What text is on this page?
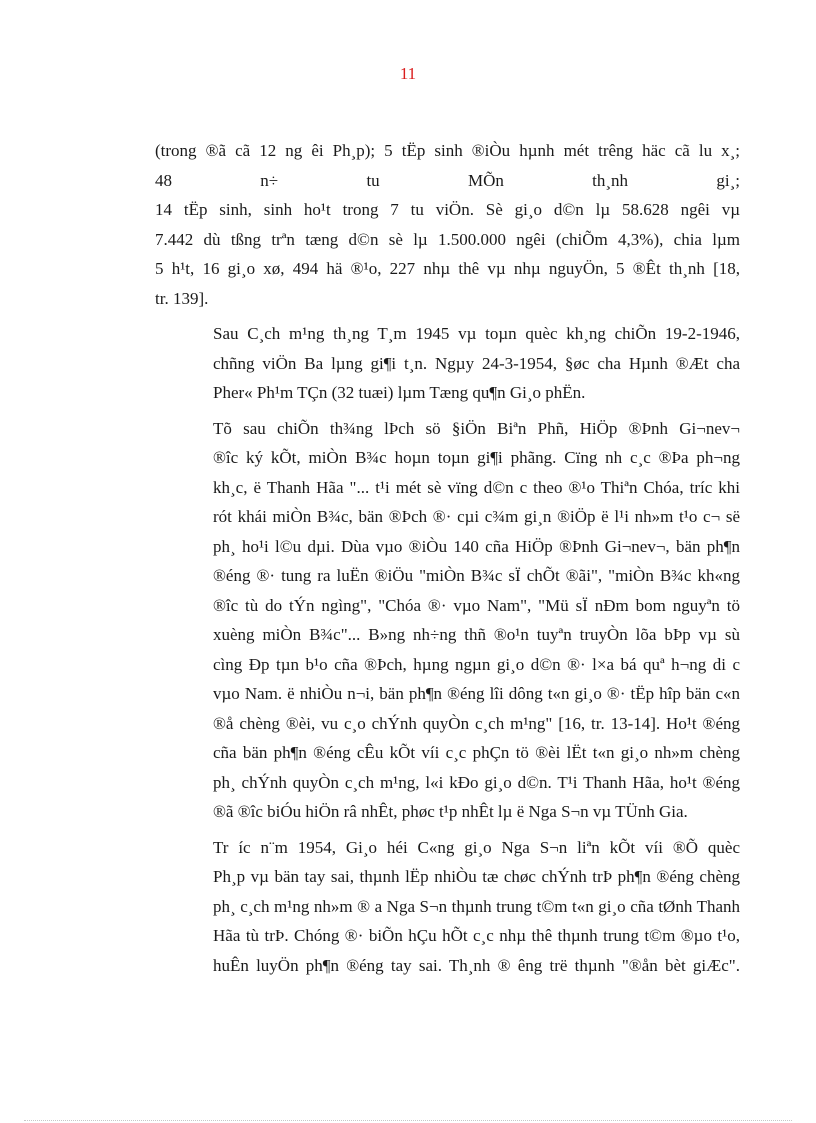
11

(trong ®ã cã 12 ng êi Ph¸p); 5 tËp sinh ®iÒu hµnh mét trêng häc cã lu x¸;
48	n÷	tu	MÕn	th¸nh	gi¸;
14 tËp sinh, sinh ho¹t trong 7 tu viÖn. Sè gi¸o d©n lµ 58.628 ngêi vµ
7.442 dù tßng trªn tæng d©n sè lµ 1.500.000 ngêi (chiÕm 4,3%), chia lµm
5 h¹t, 16 gi¸o xø, 494 hä ®¹o, 227 nhµ thê vµ nhµ nguyÖn, 5 ®Êt th¸nh [18,
tr. 139].

Sau C¸ch m¹ng th¸ng T¸m 1945 vµ toµn quèc kh¸ng chiÕn 19-2-1946,
chñng viÖn Ba lµng gi¶i t¸n. Ngµy 24-3-1954, §øc cha Hµnh ®Æt cha
Pher« Ph¹m TÇn (32 tuæi) lµm Tæng qu¶n Gi¸o phËn.

Tõ sau chiÕn th¾ng lÞch sö §iÖn Biªn Phñ, HiÖp ®Þnh Gi¬nev¬
®îc ký kÕt, miÒn B¾c hoµn toµn gi¶i phãng. Cïng nh c¸c ®Þa ph¬ng
kh¸c, ë Thanh Hãa "... t¹i mét sè vïng d©n c theo ®¹o Thiªn Chóa, tríc khi
rót khái miÒn B¾c, bän ®Þch ®· cµi c¾m gi¸n ®iÖp ë l¹i nh»m t¹o c¬ së
ph¸ ho¹i l©u dµi. Dùa vµo ®iÒu 140 cña HiÖp ®Þnh Gi¬nev¬, bän ph¶n
®éng ®· tung ra luËn ®iÖu "miÒn B¾c sÏ chÕt ®ãi", "miÒn B¾c kh«ng
®îc tù do tÝn ngìng", "Chóa ®· vµo Nam", "Mü sÏ nÐm bom nguyªn tö
xuèng miÒn B¾c"... B»ng nh÷ng thñ ®o¹n tuyªn truyÒn lõa bÞp vµ sù
cìng Ðp tµn b¹o cña ®Þch, hµng ngµn gi¸o d©n ®· l×a bá quª h¬ng di c
vµo Nam. ë nhiÒu n¬i, bän ph¶n ®éng lîi dông t«n gi¸o ®· tËp hîp bän c«n
®å chèng ®èi, vu c¸o chÝnh quyÒn c¸ch m¹ng" [16, tr. 13-14]. Ho¹t ®éng
cña bän ph¶n ®éng cÊu kÕt víi c¸c phÇn tö ®èi lËt t«n gi¸o nh»m chèng
ph¸ chÝnh quyÒn c¸ch m¹ng, l«i kÐo gi¸o d©n. T¹i Thanh Hãa, ho¹t ®éng
®ã ®îc biÓu hiÖn râ nhÊt, phøc t¹p nhÊt lµ ë Nga S¬n vµ TÜnh Gia.

Tr íc n¨m 1954, Gi¸o héi C«ng gi¸o Nga S¬n liªn kÕt víi ®Õ quèc
Ph¸p vµ bän tay sai, thµnh lËp nhiÒu tæ chøc chÝnh trÞ ph¶n ®éng chèng
ph¸ c¸ch m¹ng nh»m ® a Nga S¬n thµnh trung t©m t«n gi¸o cña tØnh Thanh
Hãa tù trÞ. Chóng ®· biÕn hÇu hÕt c¸c nhµ thê thµnh trung t©m ®µo t¹o,
huÊn luyÖn ph¶n ®éng tay sai. Th¸nh ® êng trë thµnh "®ån bèt giÆc".
